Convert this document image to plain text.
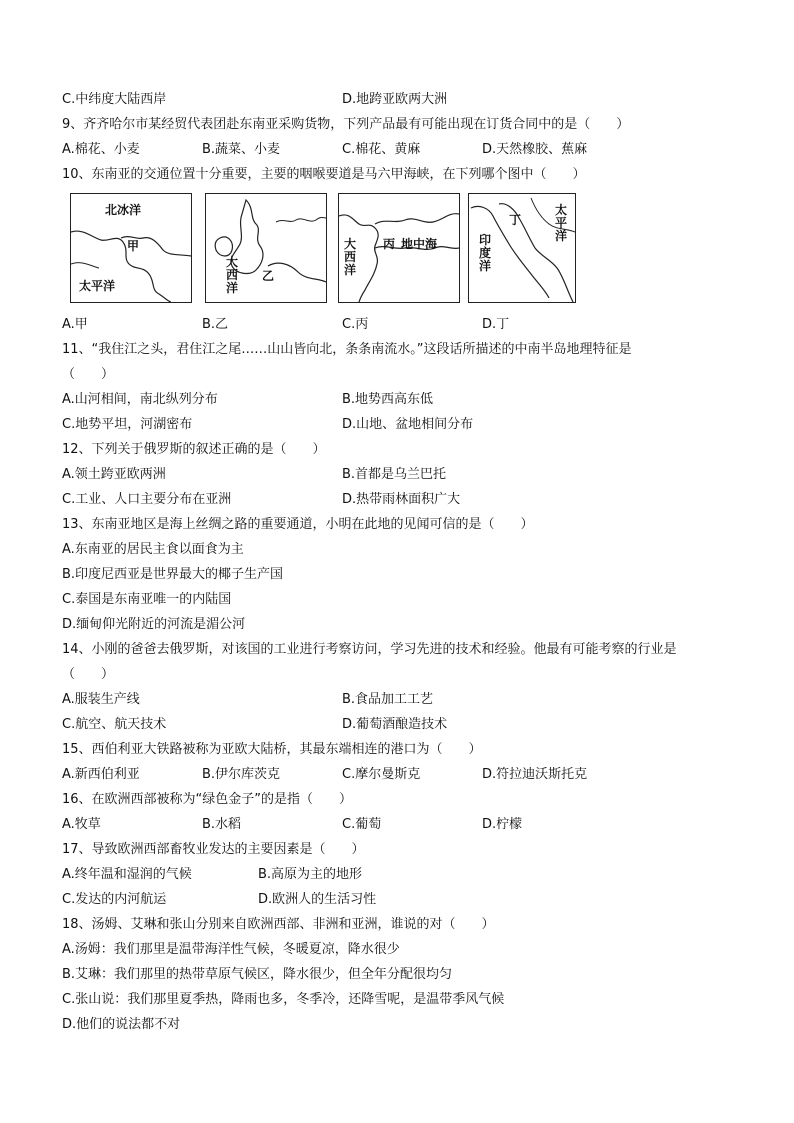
C.中纬度大陆西岸	D.地跨亚欧两大洲
9、齐齐哈尔市某经贸代表团赴东南亚采购货物，下列产品最有可能出现在订货合同中的是（　　）
A.棉花、小麦	B.蔬菜、小麦	C.棉花、黄麻	D.天然橡胶、蕉麻
10、东南亚的交通位置十分重要，主要的咽喉要道是马六甲海峡，在下列哪个图中（　　）
北冰洋
甲
太平洋
大西洋
乙
大西洋
丙 地中海	印度洋
丁
太平洋
A.甲	B.乙	C.丙	D.丁
11、“我住江之头，君住江之尾……山山皆向北，条条南流水。”这段话所描述的中南半岛地理特征是
（　　）
A.山河相间，南北纵列分布	B.地势西高东低
C.地势平坦，河湖密布	D.山地、盆地相间分布
12、下列关于俄罗斯的叙述正确的是（　　）
A.领土跨亚欧两洲	B.首都是乌兰巴托
C.工业、人口主要分布在亚洲	D.热带雨林面积广大
13、东南亚地区是海上丝绸之路的重要通道，小明在此地的见闻可信的是（　　）
A.东南亚的居民主食以面食为主
B.印度尼西亚是世界最大的椰子生产国
C.泰国是东南亚唯一的内陆国
D.缅甸仰光附近的河流是湄公河
14、小刚的爸爸去俄罗斯，对该国的工业进行考察访问，学习先进的技术和经验。他最有可能考察的行业是
（　　）
A.服装生产线	B.食品加工工艺
C.航空、航天技术	D.葡萄酒酿造技术
15、西伯利亚大铁路被称为亚欧大陆桥，其最东端相连的港口为（　　）
A.新西伯利亚	B.伊尔库茨克	C.摩尔曼斯克	D.符拉迪沃斯托克
16、在欧洲西部被称为“绿色金子”的是指（　　）
A.牧草	B.水稻	C.葡萄	D.柠檬
17、导致欧洲西部畜牧业发达的主要因素是（　　）
A.终年温和湿润的气候	B.高原为主的地形
C.发达的内河航运	D.欧洲人的生活习性
18、汤姆、艾琳和张山分别来自欧洲西部、非洲和亚洲，谁说的对（　　）
A.汤姆：我们那里是温带海洋性气候，冬暖夏凉，降水很少
B.艾琳：我们那里的热带草原气候区，降水很少，但全年分配很均匀
C.张山说：我们那里夏季热，降雨也多，冬季冷，还降雪呢，是温带季风气候
D.他们的说法都不对
